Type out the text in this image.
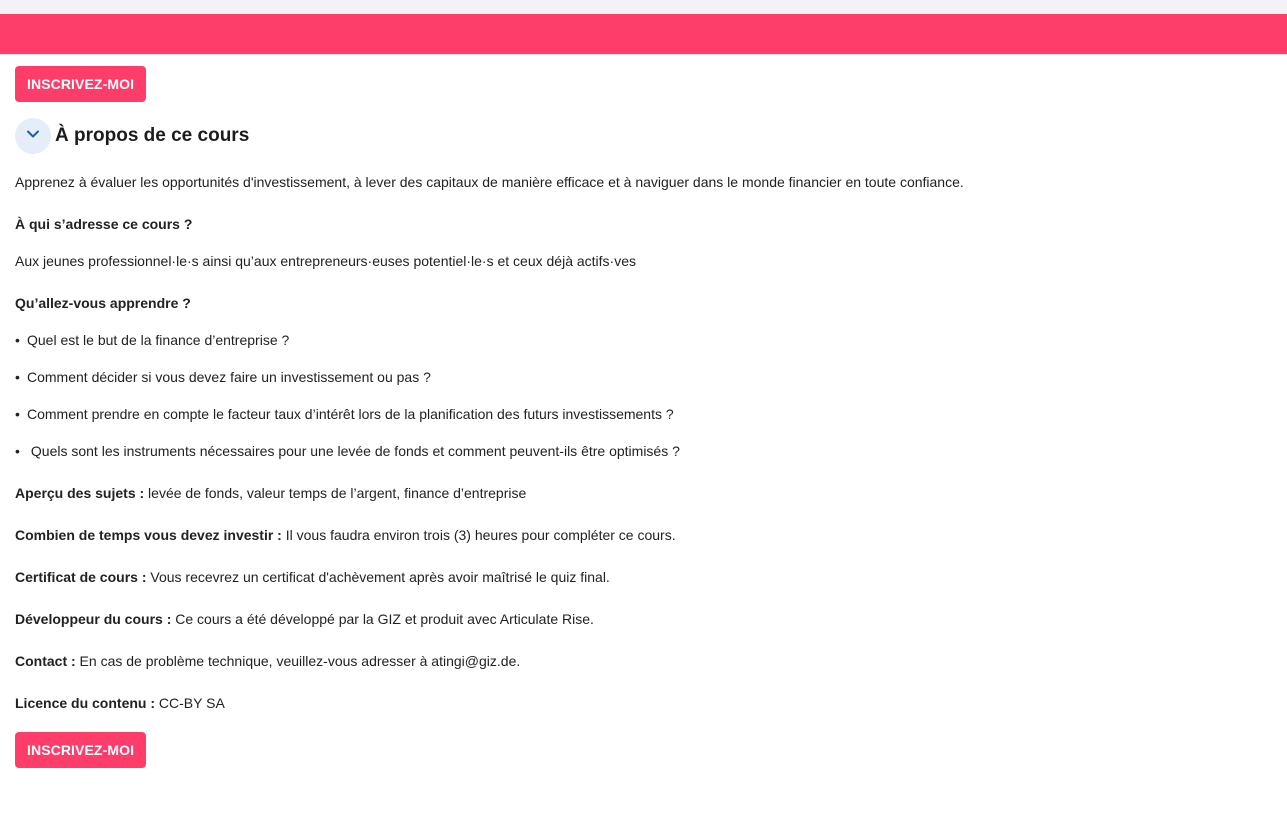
INSCRIVEZ-MOI
À propos de ce cours

Apprenez à évaluer les opportunités d'investissement, à lever des capitaux de manière efficace et à naviguer dans le monde financier en toute confiance.

À qui s’adresse ce cours ?

Aux jeunes professionnel·le·s ainsi qu’aux entrepreneurs·euses potentiel·le·s et ceux déjà actifs·ves

Qu’allez-vous apprendre ?

• Quel est le but de la finance d’entreprise ?

• Comment décider si vous devez faire un investissement ou pas ?

• Comment prendre en compte le facteur taux d’intérêt lors de la planification des futurs investissements ?

• Quels sont les instruments nécessaires pour une levée de fonds et comment peuvent-ils être optimisés ?

Aperçu des sujets : levée de fonds, valeur temps de l’argent, finance d’entreprise

Combien de temps vous devez investir : Il vous faudra environ trois (3) heures pour compléter ce cours.

Certificat de cours : Vous recevrez un certificat d'achèvement après avoir maîtrisé le quiz final.

Développeur du cours : Ce cours a été développé par la GIZ et produit avec Articulate Rise.

Contact : En cas de problème technique, veuillez-vous adresser à atingi@giz.de.

Licence du contenu : CC-BY SA

INSCRIVEZ-MOI
